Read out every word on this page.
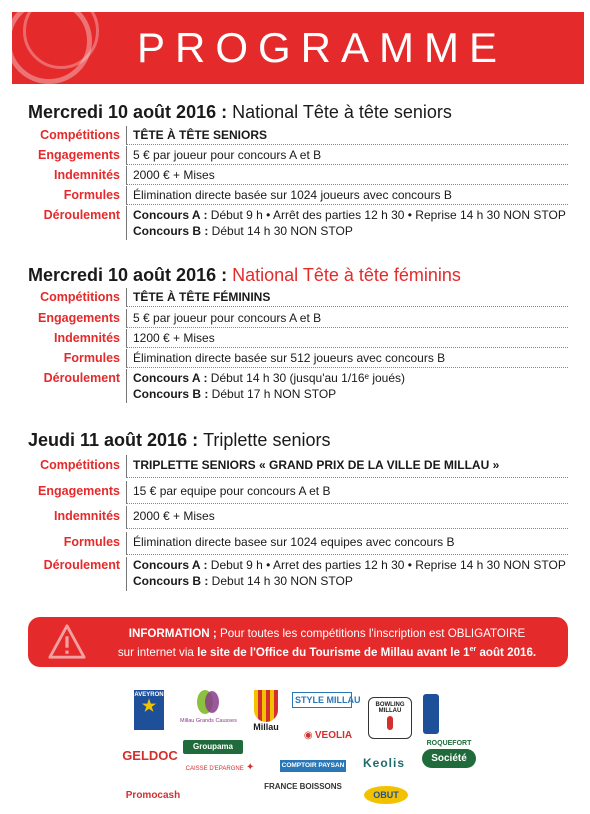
PROGRAMME
Mercredi 10 août 2016 : National Tête à tête seniors
Compétitions	TÊTE À TÊTE SENIORS
Engagements	5 € par joueur pour concours A et B
Indemnités	2000 € + Mises
Formules	Élimination directe basée sur 1024 joueurs avec concours B
Déroulement Concours A : Début 9 h • Arrêt des parties 12 h 30 • Reprise 14 h 30 NON STOP
Concours B : Début 14 h 30 NON STOP
Mercredi 10 août 2016 : National Tête à tête féminins
Compétitions	TÊTE À TÊTE FÉMININS
Engagements	5 € par joueur pour concours A et B
Indemnités	1200 € + Mises
Formules	Élimination directe basée sur 512 joueurs avec concours B
Déroulement Concours A : Début 14 h 30 (jusqu'au 1/16ᵉ joués)
Concours B : Début 17 h NON STOP
Jeudi 11 août 2016 : Triplette seniors
Compétitions	TRIPLETTE SENIORS « GRAND PRIX DE LA VILLE DE MILLAU »
Engagements	15 € par equipe pour concours A et B
Indemnités	2000 € + Mises
Formules	Élimination directe basee sur 1024 equipes avec concours B
Déroulement Concours A : Debut 9 h • Arret des parties 12 h 30 • Reprise 14 h 30 NON STOP
Concours B : Debut 14 h 30 NON STOP
INFORMATION ; Pour toutes les compétitions l'inscription est OBLIGATOIRE
sur internet via le site de l'Office du Tourisme de Millau avant le 1er août 2016.
AVEYRON
★
Millau Grands Causses
Millau
STYLE MILLAU	BOWLING MILLAU
◉ VEOLIA
GELDOC
Groupama
CAISSE D'EPARGNE ✦	COMPTOIR PAYSAN	Keolis
ROQUEFORT
Société
Promocash
FRANCE BOISSONS
OBUT
